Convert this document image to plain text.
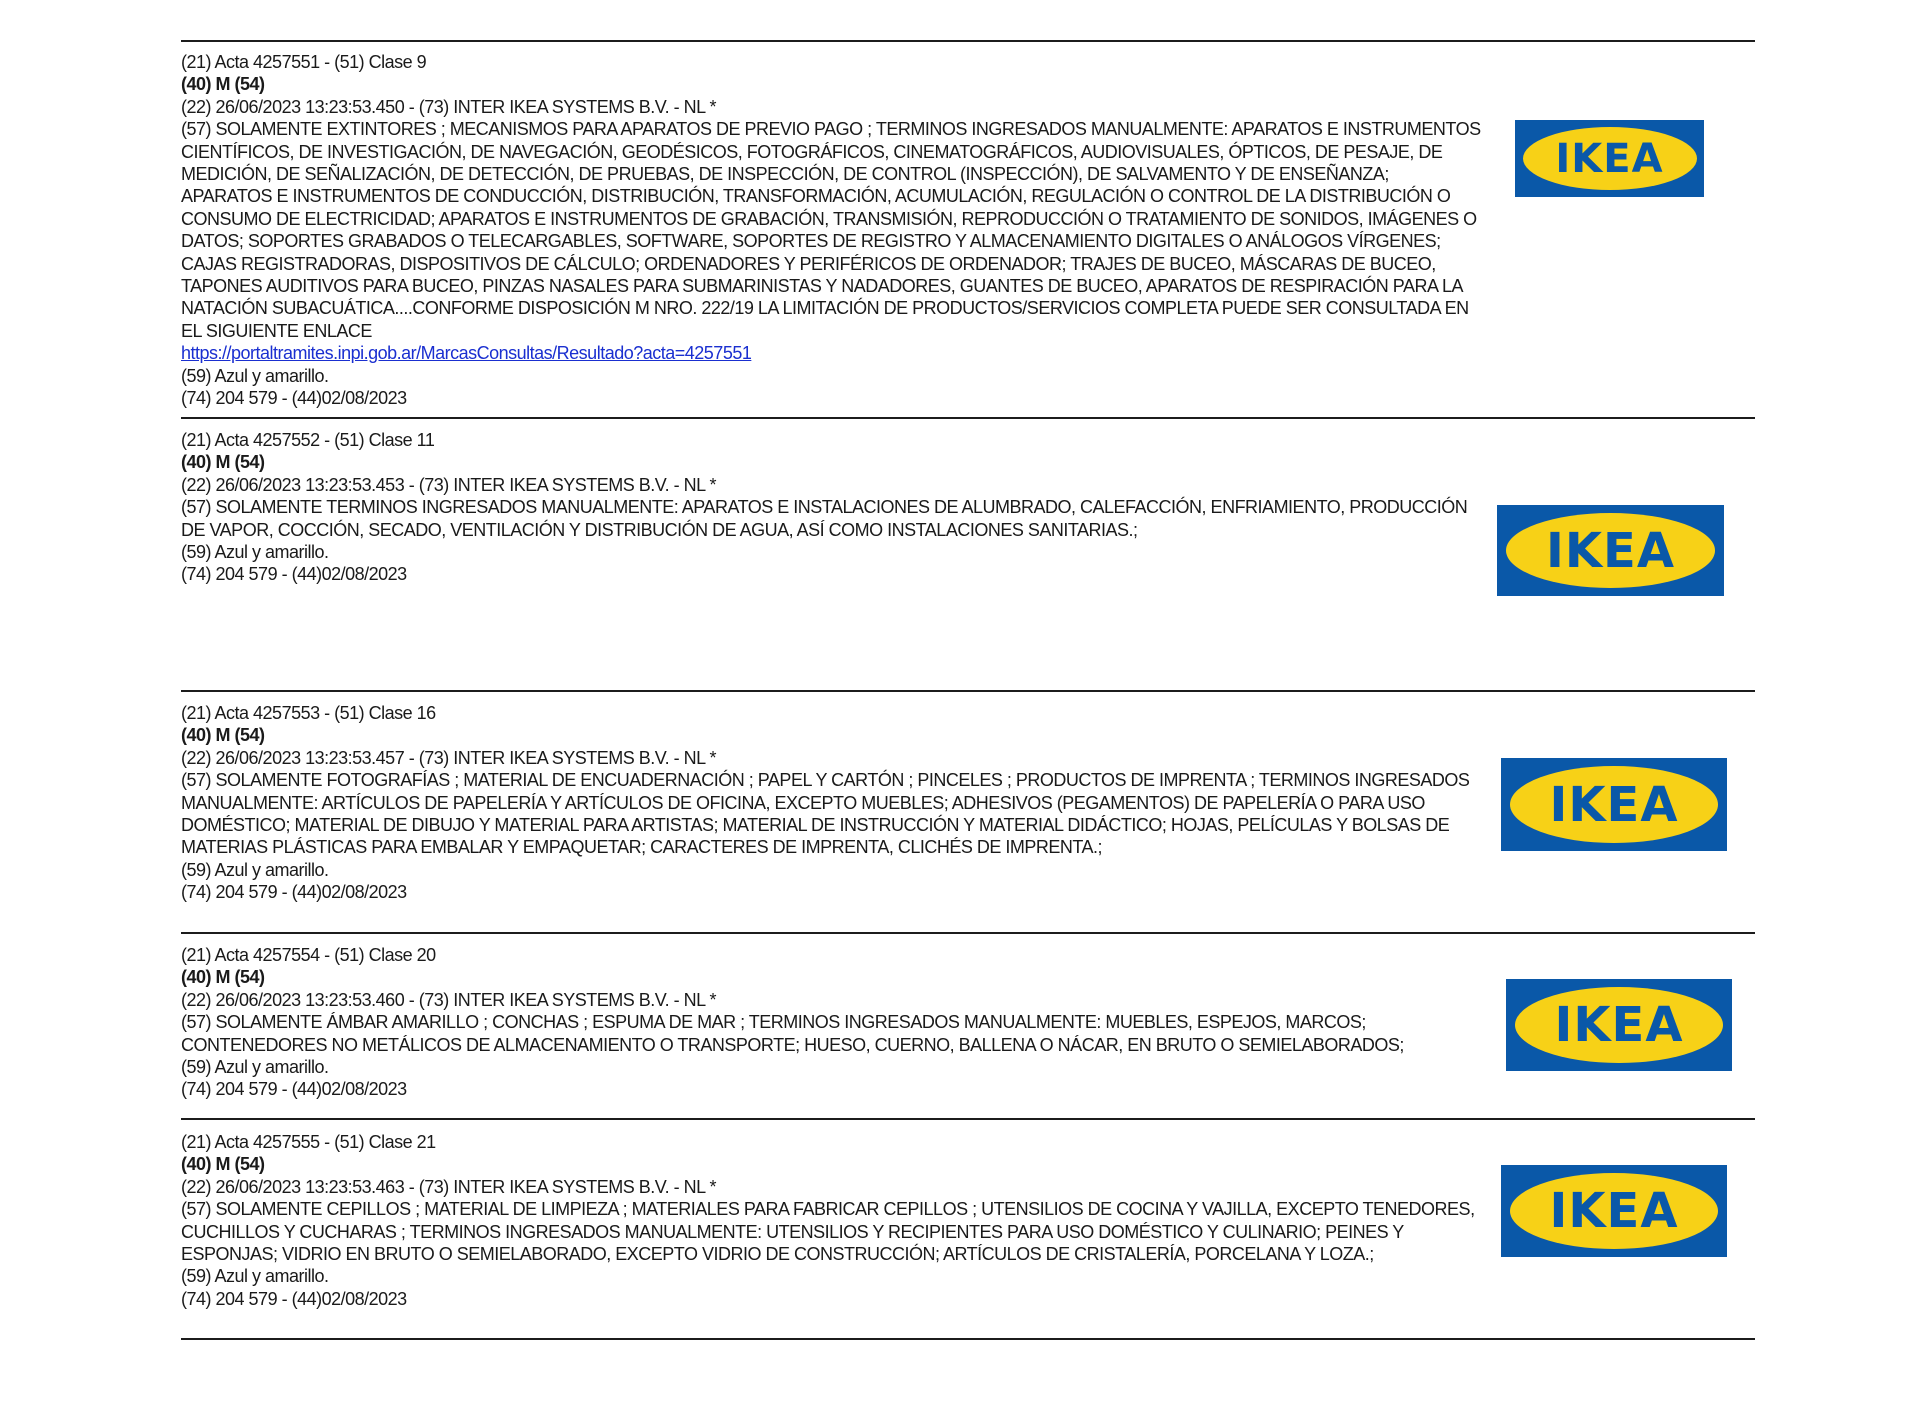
(21) Acta 4257551 - (51) Clase 9
(40) M (54)
(22) 26/06/2023 13:23:53.450 - (73) INTER IKEA SYSTEMS B.V. - NL *
(57) SOLAMENTE EXTINTORES ; MECANISMOS PARA APARATOS DE PREVIO PAGO ; TERMINOS INGRESADOS MANUALMENTE: APARATOS E INSTRUMENTOS CIENTÍFICOS, DE INVESTIGACIÓN, DE NAVEGACIÓN, GEODÉSICOS, FOTOGRÁFICOS, CINEMATOGRÁFICOS, AUDIOVISUALES, ÓPTICOS, DE PESAJE, DE MEDICIÓN, DE SEÑALIZACIÓN, DE DETECCIÓN, DE PRUEBAS, DE INSPECCIÓN, DE CONTROL (INSPECCIÓN), DE SALVAMENTO Y DE ENSEÑANZA; APARATOS E INSTRUMENTOS DE CONDUCCIÓN, DISTRIBUCIÓN, TRANSFORMACIÓN, ACUMULACIÓN, REGULACIÓN O CONTROL DE LA DISTRIBUCIÓN O CONSUMO DE ELECTRICIDAD; APARATOS E INSTRUMENTOS DE GRABACIÓN, TRANSMISIÓN, REPRODUCCIÓN O TRATAMIENTO DE SONIDOS, IMÁGENES O DATOS; SOPORTES GRABADOS O TELECARGABLES, SOFTWARE, SOPORTES DE REGISTRO Y ALMACENAMIENTO DIGITALES O ANÁLOGOS VÍRGENES; CAJAS REGISTRADORAS, DISPOSITIVOS DE CÁLCULO; ORDENADORES Y PERIFÉRICOS DE ORDENADOR; TRAJES DE BUCEO, MÁSCARAS DE BUCEO, TAPONES AUDITIVOS PARA BUCEO, PINZAS NASALES PARA SUBMARINISTAS Y NADADORES, GUANTES DE BUCEO, APARATOS DE RESPIRACIÓN PARA LA NATACIÓN SUBACUÁTICA....CONFORME DISPOSICIÓN M NRO. 222/19 LA LIMITACIÓN DE PRODUCTOS/SERVICIOS COMPLETA PUEDE SER CONSULTADA EN EL SIGUIENTE ENLACE
https://portaltramites.inpi.gob.ar/MarcasConsultas/Resultado?acta=4257551
(59) Azul y amarillo.
(74) 204 579 - (44)02/08/2023
IKEA
(21) Acta 4257552 - (51) Clase 11
(40) M (54)
(22) 26/06/2023 13:23:53.453 - (73) INTER IKEA SYSTEMS B.V. - NL *
(57) SOLAMENTE TERMINOS INGRESADOS MANUALMENTE: APARATOS E INSTALACIONES DE ALUMBRADO, CALEFACCIÓN, ENFRIAMIENTO, PRODUCCIÓN DE VAPOR, COCCIÓN, SECADO, VENTILACIÓN Y DISTRIBUCIÓN DE AGUA, ASÍ COMO INSTALACIONES SANITARIAS.;
(59) Azul y amarillo.
(74) 204 579 - (44)02/08/2023	IKEA
(21) Acta 4257553 - (51) Clase 16
(40) M (54)
(22) 26/06/2023 13:23:53.457 - (73) INTER IKEA SYSTEMS B.V. - NL *
(57) SOLAMENTE FOTOGRAFÍAS ; MATERIAL DE ENCUADERNACIÓN ; PAPEL Y CARTÓN ; PINCELES ; PRODUCTOS DE IMPRENTA ; TERMINOS INGRESADOS MANUALMENTE: ARTÍCULOS DE PAPELERÍA Y ARTÍCULOS DE OFICINA, EXCEPTO MUEBLES; ADHESIVOS (PEGAMENTOS) DE PAPELERÍA O PARA USO DOMÉSTICO; MATERIAL DE DIBUJO Y MATERIAL PARA ARTISTAS; MATERIAL DE INSTRUCCIÓN Y MATERIAL DIDÁCTICO; HOJAS, PELÍCULAS Y BOLSAS DE MATERIAS PLÁSTICAS PARA EMBALAR Y EMPAQUETAR; CARACTERES DE IMPRENTA, CLICHÉS DE IMPRENTA.;
(59) Azul y amarillo.
(74) 204 579 - (44)02/08/2023
IKEA
(21) Acta 4257554 - (51) Clase 20
(40) M (54)
(22) 26/06/2023 13:23:53.460 - (73) INTER IKEA SYSTEMS B.V. - NL *
(57) SOLAMENTE ÁMBAR AMARILLO ; CONCHAS ; ESPUMA DE MAR ; TERMINOS INGRESADOS MANUALMENTE: MUEBLES, ESPEJOS, MARCOS; CONTENEDORES NO METÁLICOS DE ALMACENAMIENTO O TRANSPORTE; HUESO, CUERNO, BALLENA O NÁCAR, EN BRUTO O SEMIELABORADOS;
(59) Azul y amarillo.
(74) 204 579 - (44)02/08/2023
IKEA
(21) Acta 4257555 - (51) Clase 21
(40) M (54)
(22) 26/06/2023 13:23:53.463 - (73) INTER IKEA SYSTEMS B.V. - NL *
(57) SOLAMENTE CEPILLOS ; MATERIAL DE LIMPIEZA ; MATERIALES PARA FABRICAR CEPILLOS ; UTENSILIOS DE COCINA Y VAJILLA, EXCEPTO TENEDORES, CUCHILLOS Y CUCHARAS ; TERMINOS INGRESADOS MANUALMENTE: UTENSILIOS Y RECIPIENTES PARA USO DOMÉSTICO Y CULINARIO; PEINES Y ESPONJAS; VIDRIO EN BRUTO O SEMIELABORADO, EXCEPTO VIDRIO DE CONSTRUCCIÓN; ARTÍCULOS DE CRISTALERÍA, PORCELANA Y LOZA.;
(59) Azul y amarillo.
(74) 204 579 - (44)02/08/2023
IKEA
